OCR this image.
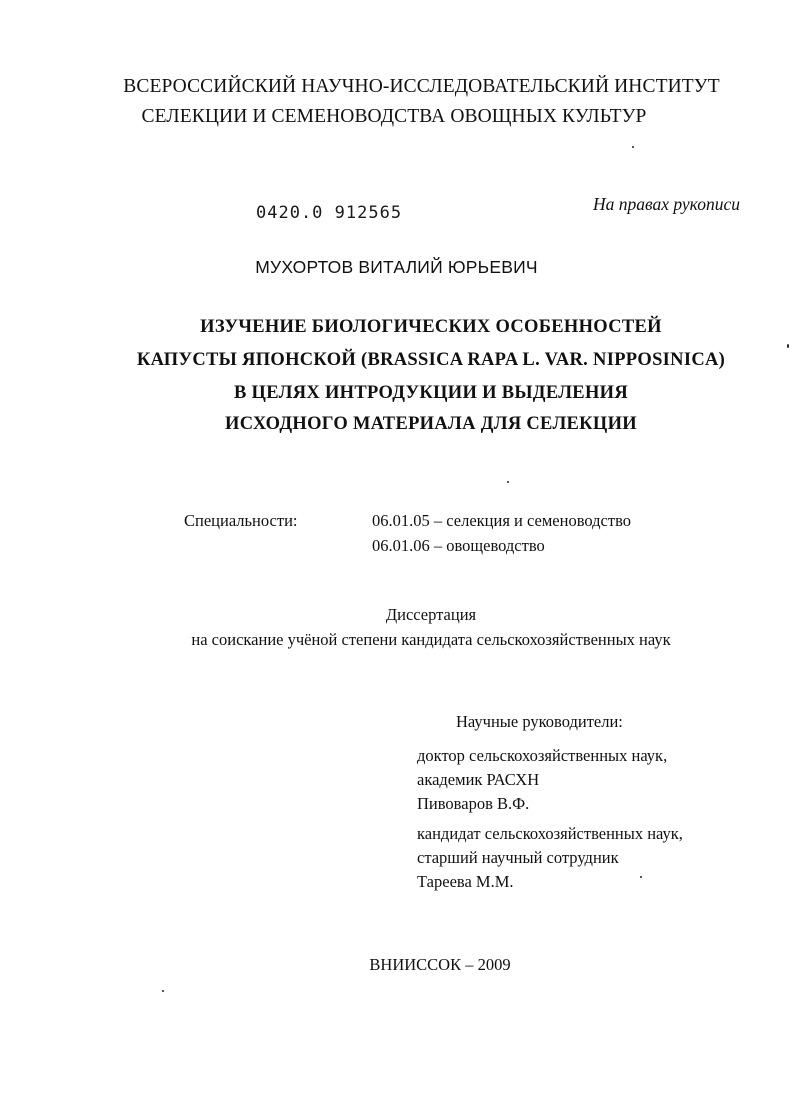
ВСЕРОССИЙСКИЙ НАУЧНО-ИССЛЕДОВАТЕЛЬСКИЙ ИНСТИТУТ
СЕЛЕКЦИИ И СЕМЕНОВОДСТВА ОВОЩНЫХ КУЛЬТУР
0420.0 912565	На правах рукописи
МУХОРТОВ ВИТАЛИЙ ЮРЬЕВИЧ
ИЗУЧЕНИЕ БИОЛОГИЧЕСКИХ ОСОБЕННОСТЕЙ
КАПУСТЫ ЯПОНСКОЙ (BRASSICA RAPA L. VAR. NIPPOSINICA)
В ЦЕЛЯХ ИНТРОДУКЦИИ И ВЫДЕЛЕНИЯ
ИСХОДНОГО МАТЕРИАЛА ДЛЯ СЕЛЕКЦИИ
Специальности:	06.01.05 – селекция и семеноводство
06.01.06 – овощеводство
Диссертация
на соискание учёной степени кандидата сельскохозяйственных наук
Научные руководители:
доктор сельскохозяйственных наук,
академик РАСХН
Пивоваров В.Ф.
кандидат сельскохозяйственных наук,
старший научный сотрудник
Тареева М.М.
ВНИИССОК – 2009
